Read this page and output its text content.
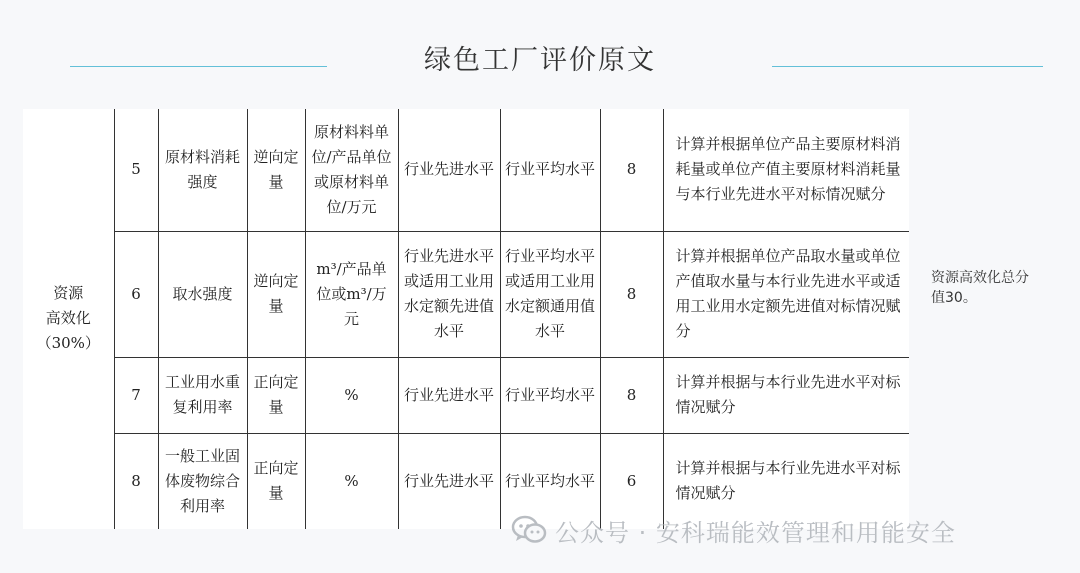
绿色工厂评价原文
资源
高效化
（30%）	5	原材料消耗强度	逆向定量	原材料料单位/产品单位或原材料单位/万元	行业先进水平	行业平均水平	8	计算并根据单位产品主要原材料消耗量或单位产值主要原材料消耗量与本行业先进水平对标情况赋分
	6	取水强度	逆向定量	m³/产品单位或m³/万元	行业先进水平或适用工业用水定额先进值水平	行业平均水平或适用工业用水定额通用值水平	8	计算并根据单位产品取水量或单位产值取水量与本行业先进水平或适用工业用水定额先进值对标情况赋分
	7	工业用水重复利用率	正向定量	%	行业先进水平	行业平均水平	8	计算并根据与本行业先进水平对标情况赋分
	8	一般工业固体废物综合利用率	正向定量	%	行业先进水平	行业平均水平	6	计算并根据与本行业先进水平对标情况赋分
资源高效化总分值30。
公众号 · 安科瑞能效管理和用能安全
